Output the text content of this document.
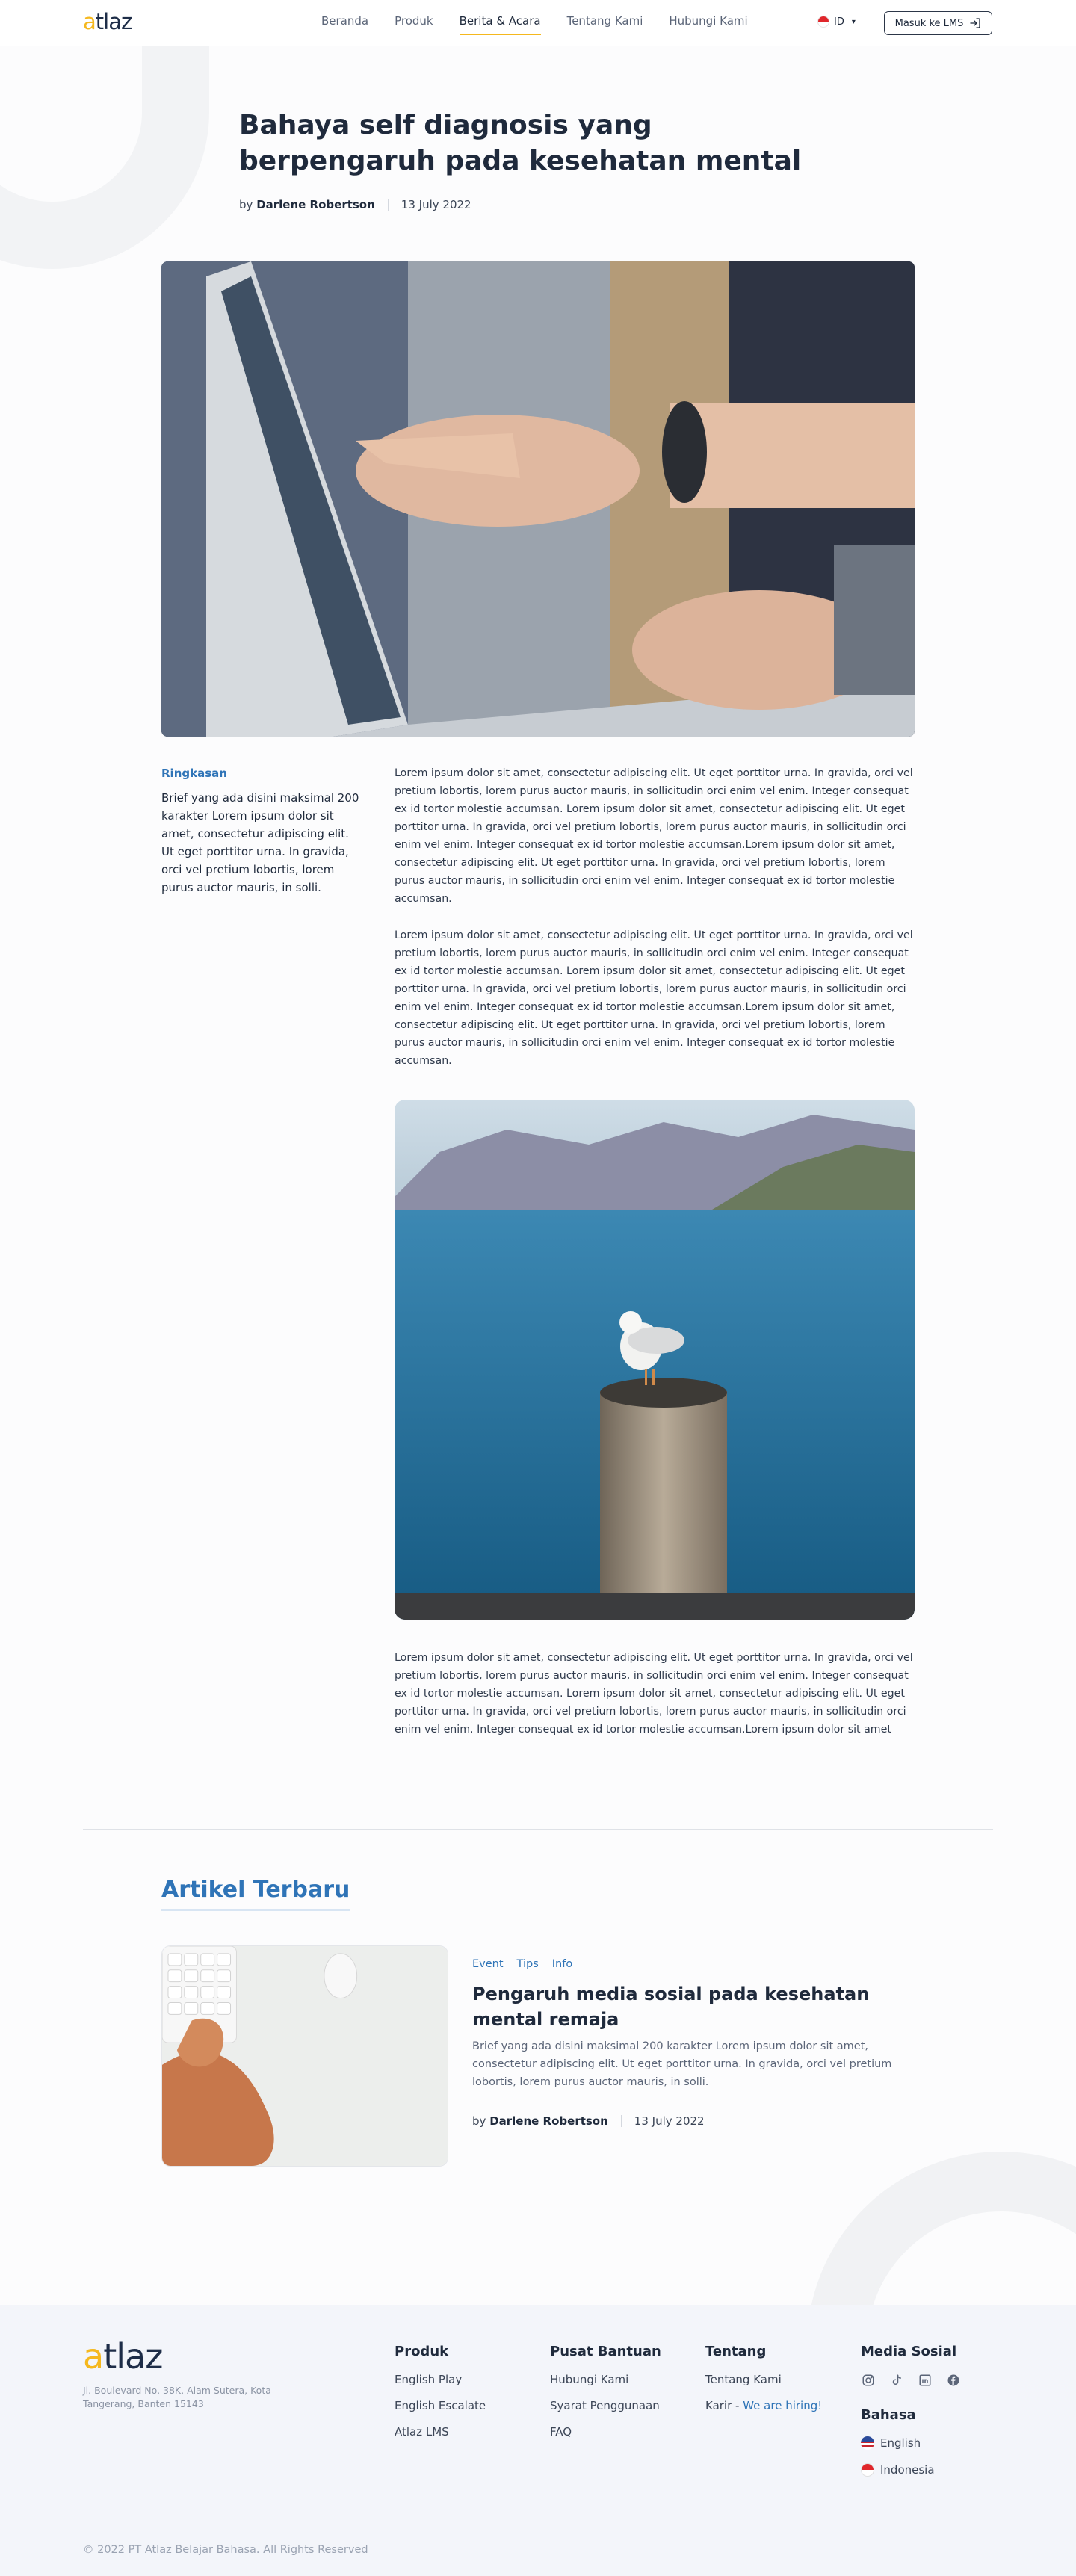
atlaz	Beranda Produk Berita & Acara Tentang Kami Hubungi Kami	ID ▾	Masuk ke LMS
Bahaya self diagnosis yang berpengaruh pada kesehatan mental
by Darlene Robertson 13 July 2022
Ringkasan
Brief yang ada disini maksimal 200 karakter Lorem ipsum dolor sit amet, consectetur adipiscing elit. Ut eget porttitor urna. In gravida, orci vel pretium lobortis, lorem purus auctor mauris, in solli.

Lorem ipsum dolor sit amet, consectetur adipiscing elit. Ut eget porttitor urna. In gravida, orci vel pretium lobortis, lorem purus auctor mauris, in sollicitudin orci enim vel enim. Integer consequat ex id tortor molestie accumsan. Lorem ipsum dolor sit amet, consectetur adipiscing elit. Ut eget porttitor urna. In gravida, orci vel pretium lobortis, lorem purus auctor mauris, in sollicitudin orci enim vel enim. Integer consequat ex id tortor molestie accumsan.Lorem ipsum dolor sit amet, consectetur adipiscing elit. Ut eget porttitor urna. In gravida, orci vel pretium lobortis, lorem purus auctor mauris, in sollicitudin orci enim vel enim. Integer consequat ex id tortor molestie accumsan.

Lorem ipsum dolor sit amet, consectetur adipiscing elit. Ut eget porttitor urna. In gravida, orci vel pretium lobortis, lorem purus auctor mauris, in sollicitudin orci enim vel enim. Integer consequat ex id tortor molestie accumsan. Lorem ipsum dolor sit amet, consectetur adipiscing elit. Ut eget porttitor urna. In gravida, orci vel pretium lobortis, lorem purus auctor mauris, in sollicitudin orci enim vel enim. Integer consequat ex id tortor molestie accumsan.Lorem ipsum dolor sit amet, consectetur adipiscing elit. Ut eget porttitor urna. In gravida, orci vel pretium lobortis, lorem purus auctor mauris, in sollicitudin orci enim vel enim. Integer consequat ex id tortor molestie accumsan.

Lorem ipsum dolor sit amet, consectetur adipiscing elit. Ut eget porttitor urna. In gravida, orci vel pretium lobortis, lorem purus auctor mauris, in sollicitudin orci enim vel enim. Integer consequat ex id tortor molestie accumsan. Lorem ipsum dolor sit amet, consectetur adipiscing elit. Ut eget porttitor urna. In gravida, orci vel pretium lobortis, lorem purus auctor mauris, in sollicitudin orci enim vel enim. Integer consequat ex id tortor molestie accumsan.Lorem ipsum dolor sit amet

Artikel Terbaru
Event Tips Info
Pengaruh media sosial pada kesehatan mental remaja

Brief yang ada disini maksimal 200 karakter Lorem ipsum dolor sit amet, consectetur adipiscing elit. Ut eget porttitor urna. In gravida, orci vel pretium lobortis, lorem purus auctor mauris, in solli.

by Darlene Robertson 13 July 2022
atlaz
Jl. Boulevard No. 38K, Alam Sutera, Kota Tangerang, Banten 15143
Produk
English Play
English Escalate
Atlaz LMS
Pusat Bantuan
Hubungi Kami
Syarat Penggunaan
FAQ
Tentang
Tentang Kami
Karir - We are hiring!
Media Sosial
Bahasa
English
Indonesia
© 2022 PT Atlaz Belajar Bahasa. All Rights Reserved
